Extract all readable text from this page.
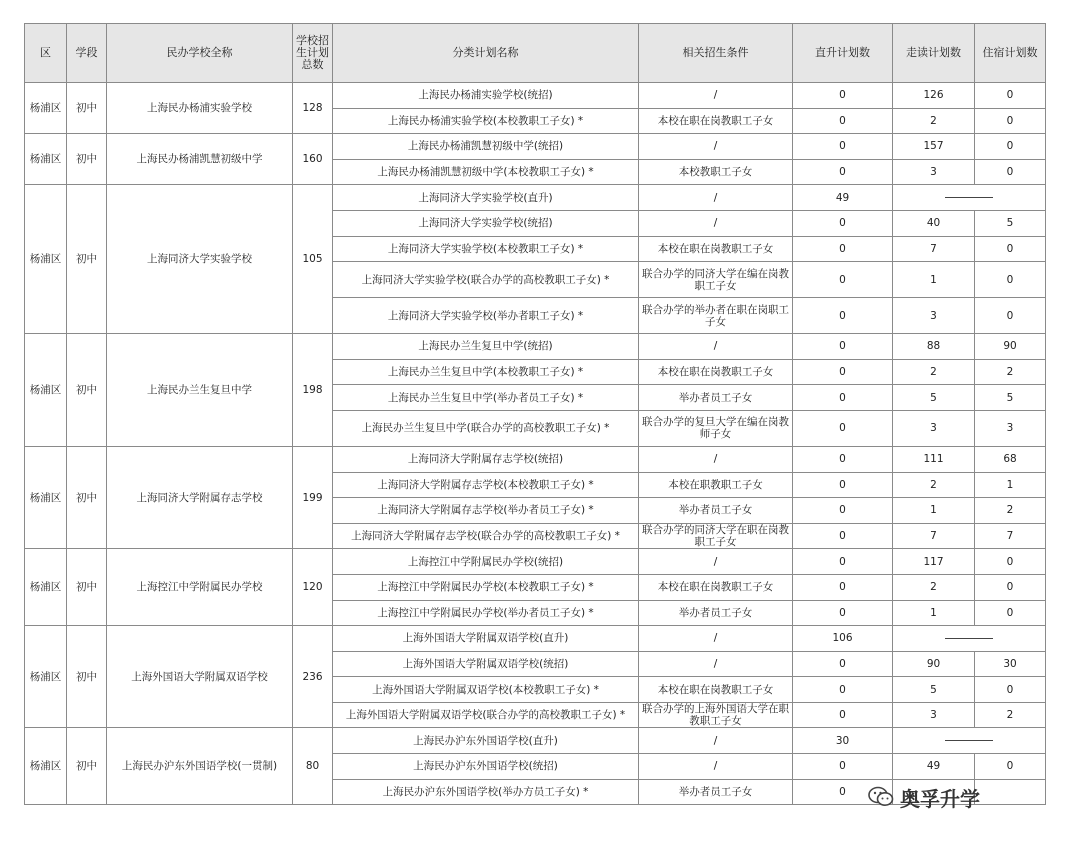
区	学段	民办学校全称	学校招生计划总数	分类计划名称	相关招生条件	直升计划数	走读计划数	住宿计划数
杨浦区	初中	上海民办杨浦实验学校	128	上海民办杨浦实验学校(统招)	/	0	126	0
				上海民办杨浦实验学校(本校教职工子女) *	本校在职在岗教职工子女	0	2	0
杨浦区	初中	上海民办杨浦凯慧初级中学	160	上海民办杨浦凯慧初级中学(统招)	/	0	157	0
				上海民办杨浦凯慧初级中学(本校教职工子女) *	本校教职工子女	0	3	0
杨浦区	初中	上海同济大学实验学校	105	上海同济大学实验学校(直升)	/	49		
				上海同济大学实验学校(统招)	/	0	40	5
				上海同济大学实验学校(本校教职工子女) *	本校在职在岗教职工子女	0	7	0
				上海同济大学实验学校(联合办学的高校教职工子女) *	联合办学的同济大学在编在岗教职工子女	0	1	0
				上海同济大学实验学校(举办者职工子女) *	联合办学的举办者在职在岗职工子女	0	3	0
杨浦区	初中	上海民办兰生复旦中学	198	上海民办兰生复旦中学(统招)	/	0	88	90
				上海民办兰生复旦中学(本校教职工子女) *	本校在职在岗教职工子女	0	2	2
				上海民办兰生复旦中学(举办者员工子女) *	举办者员工子女	0	5	5
				上海民办兰生复旦中学(联合办学的高校教职工子女) *	联合办学的复旦大学在编在岗教师子女	0	3	3
杨浦区	初中	上海同济大学附属存志学校	199	上海同济大学附属存志学校(统招)	/	0	111	68
				上海同济大学附属存志学校(本校教职工子女) *	本校在职教职工子女	0	2	1
				上海同济大学附属存志学校(举办者员工子女) *	举办者员工子女	0	1	2
				上海同济大学附属存志学校(联合办学的高校教职工子女) *	联合办学的同济大学在职在岗教职工子女	0	7	7
杨浦区	初中	上海控江中学附属民办学校	120	上海控江中学附属民办学校(统招)	/	0	117	0
				上海控江中学附属民办学校(本校教职工子女) *	本校在职在岗教职工子女	0	2	0
				上海控江中学附属民办学校(举办者员工子女) *	举办者员工子女	0	1	0
杨浦区	初中	上海外国语大学附属双语学校	236	上海外国语大学附属双语学校(直升)	/	106		
				上海外国语大学附属双语学校(统招)	/	0	90	30
				上海外国语大学附属双语学校(本校教职工子女) *	本校在职在岗教职工子女	0	5	0
				上海外国语大学附属双语学校(联合办学的高校教职工子女) *	联合办学的上海外国语大学在职教职工子女	0	3	2
杨浦区	初中	上海民办沪东外国语学校(一贯制)	80	上海民办沪东外国语学校(直升)	/	30		
				上海民办沪东外国语学校(统招)	/	0	49	0
				上海民办沪东外国语学校(举办方员工子女) *	举办者员工子女	0			奥孚升学
